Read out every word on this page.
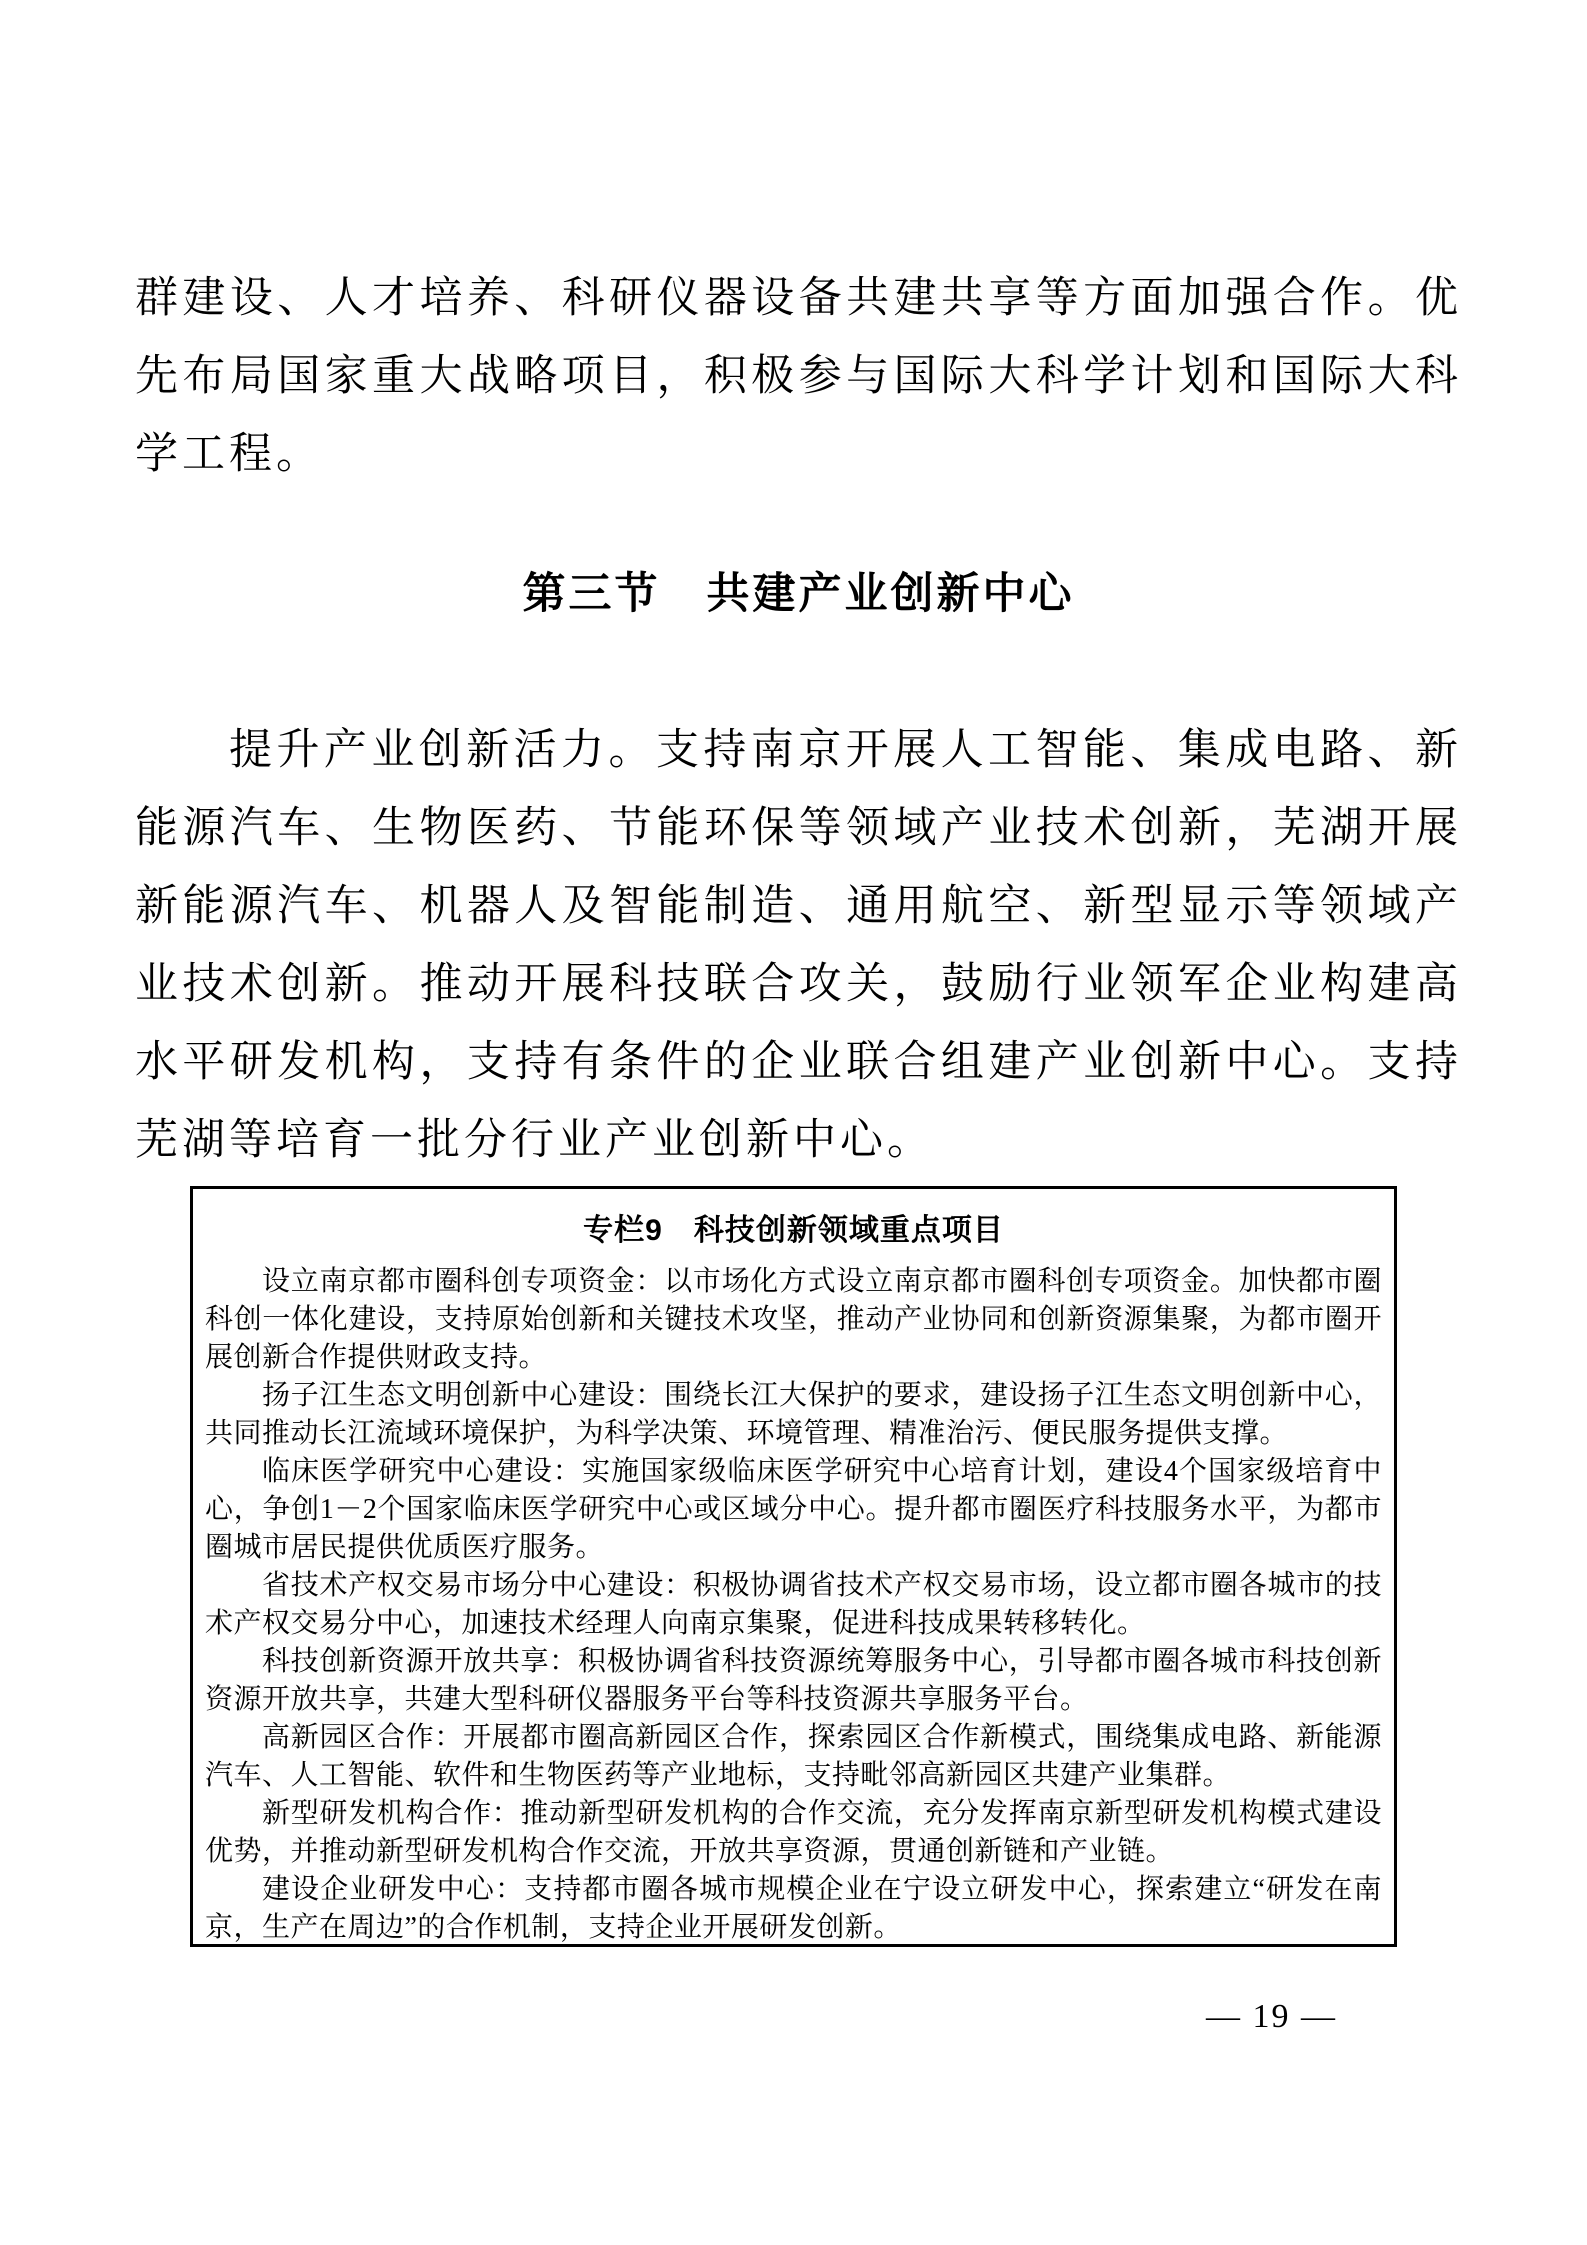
群建设、人才培养、科研仪器设备共建共享等方面加强合作。优先布局国家重大战略项目，积极参与国际大科学计划和国际大科学工程。
第三节　共建产业创新中心
提升产业创新活力。支持南京开展人工智能、集成电路、新能源汽车、生物医药、节能环保等领域产业技术创新，芜湖开展新能源汽车、机器人及智能制造、通用航空、新型显示等领域产业技术创新。推动开展科技联合攻关，鼓励行业领军企业构建高水平研发机构，支持有条件的企业联合组建产业创新中心。支持芜湖等培育一批分行业产业创新中心。
专栏9　科技创新领域重点项目

设立南京都市圈科创专项资金：以市场化方式设立南京都市圈科创专项资金。加快都市圈科创一体化建设，支持原始创新和关键技术攻坚，推动产业协同和创新资源集聚，为都市圈开展创新合作提供财政支持。

扬子江生态文明创新中心建设：围绕长江大保护的要求，建设扬子江生态文明创新中心，共同推动长江流域环境保护，为科学决策、环境管理、精准治污、便民服务提供支撑。

临床医学研究中心建设：实施国家级临床医学研究中心培育计划，建设4个国家级培育中心，争创1－2个国家临床医学研究中心或区域分中心。提升都市圈医疗科技服务水平，为都市圈城市居民提供优质医疗服务。

省技术产权交易市场分中心建设：积极协调省技术产权交易市场，设立都市圈各城市的技术产权交易分中心，加速技术经理人向南京集聚，促进科技成果转移转化。

科技创新资源开放共享：积极协调省科技资源统筹服务中心，引导都市圈各城市科技创新资源开放共享，共建大型科研仪器服务平台等科技资源共享服务平台。

高新园区合作：开展都市圈高新园区合作，探索园区合作新模式，围绕集成电路、新能源汽车、人工智能、软件和生物医药等产业地标，支持毗邻高新园区共建产业集群。

新型研发机构合作：推动新型研发机构的合作交流，充分发挥南京新型研发机构模式建设优势，并推动新型研发机构合作交流，开放共享资源，贯通创新链和产业链。

建设企业研发中心：支持都市圈各城市规模企业在宁设立研发中心，探索建立“研发在南京，生产在周边”的合作机制，支持企业开展研发创新。

— 19 —
